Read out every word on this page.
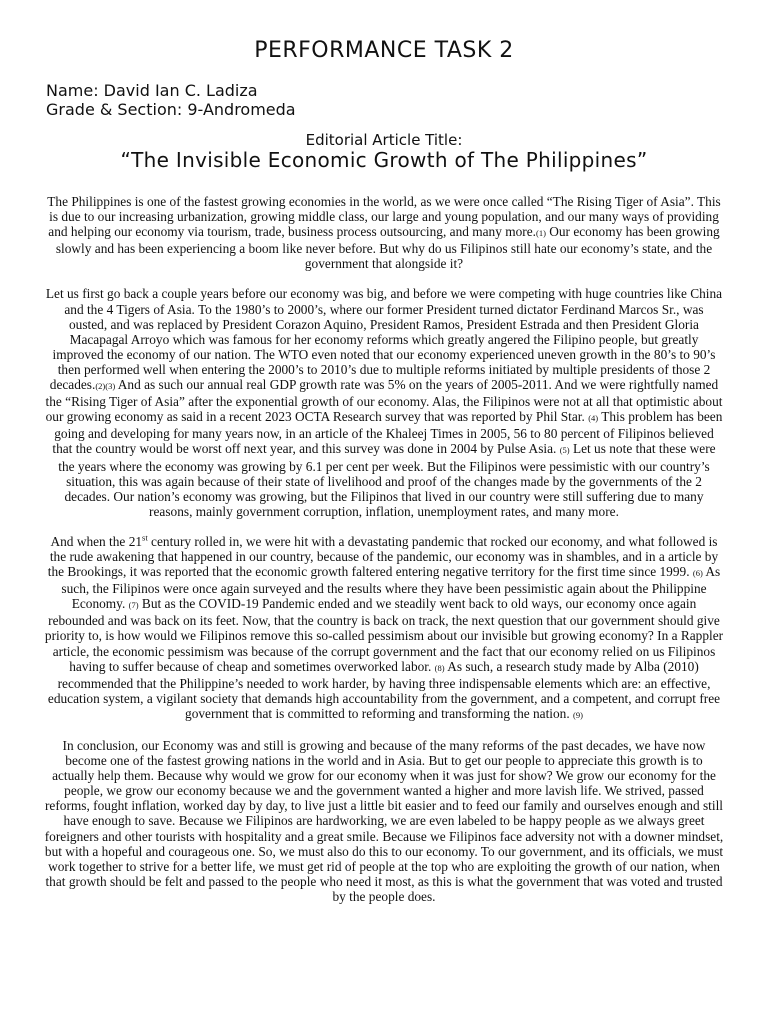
PERFORMANCE TASK 2
Name: David Ian C. Ladiza
Grade & Section: 9-Andromeda
Editorial Article Title:
“The Invisible Economic Growth of The Philippines”

The Philippines is one of the fastest growing economies in the world, as we were once called “The Rising Tiger of Asia”. This is due to our increasing urbanization, growing middle class, our large and young population, and our many ways of providing and helping our economy via tourism, trade, business process outsourcing, and many more.(1) Our economy has been growing slowly and has been experiencing a boom like never before. But why do us Filipinos still hate our economy’s state, and the government that alongside it?

Let us first go back a couple years before our economy was big, and before we were competing with huge countries like China and the 4 Tigers of Asia. To the 1980’s to 2000’s, where our former President turned dictator Ferdinand Marcos Sr., was ousted, and was replaced by President Corazon Aquino, President Ramos, President Estrada and then President Gloria Macapagal Arroyo which was famous for her economy reforms which greatly angered the Filipino people, but greatly improved the economy of our nation. The WTO even noted that our economy experienced uneven growth in the 80’s to 90’s then performed well when entering the 2000’s to 2010’s due to multiple reforms initiated by multiple presidents of those 2 decades.(2)(3) And as such our annual real GDP growth rate was 5% on the years of 2005-2011. And we were rightfully named the “Rising Tiger of Asia” after the exponential growth of our economy. Alas, the Filipinos were not at all that optimistic about our growing economy as said in a recent 2023 OCTA Research survey that was reported by Phil Star. (4) This problem has been going and developing for many years now, in an article of the Khaleej Times in 2005, 56 to 80 percent of Filipinos believed that the country would be worst off next year, and this survey was done in 2004 by Pulse Asia. (5) Let us note that these were the years where the economy was growing by 6.1 per cent per week. But the Filipinos were pessimistic with our country’s situation, this was again because of their state of livelihood and proof of the changes made by the governments of the 2 decades. Our nation’s economy was growing, but the Filipinos that lived in our country were still suffering due to many reasons, mainly government corruption, inflation, unemployment rates, and many more.

And when the 21st century rolled in, we were hit with a devastating pandemic that rocked our economy, and what followed is the rude awakening that happened in our country, because of the pandemic, our economy was in shambles, and in a article by the Brookings, it was reported that the economic growth faltered entering negative territory for the first time since 1999. (6) As such, the Filipinos were once again surveyed and the results where they have been pessimistic again about the Philippine Economy. (7) But as the COVID-19 Pandemic ended and we steadily went back to old ways, our economy once again rebounded and was back on its feet. Now, that the country is back on track, the next question that our government should give priority to, is how would we Filipinos remove this so-called pessimism about our invisible but growing economy? In a Rappler article, the economic pessimism was because of the corrupt government and the fact that our economy relied on us Filipinos having to suffer because of cheap and sometimes overworked labor. (8) As such, a research study made by Alba (2010) recommended that the Philippine’s needed to work harder, by having three indispensable elements which are: an effective, education system, a vigilant society that demands high accountability from the government, and a competent, and corrupt free government that is committed to reforming and transforming the nation. (9)

In conclusion, our Economy was and still is growing and because of the many reforms of the past decades, we have now become one of the fastest growing nations in the world and in Asia. But to get our people to appreciate this growth is to actually help them. Because why would we grow for our economy when it was just for show? We grow our economy for the people, we grow our economy because we and the government wanted a higher and more lavish life. We strived, passed reforms, fought inflation, worked day by day, to live just a little bit easier and to feed our family and ourselves enough and still have enough to save. Because we Filipinos are hardworking, we are even labeled to be happy people as we always greet foreigners and other tourists with hospitality and a great smile. Because we Filipinos face adversity not with a downer mindset, but with a hopeful and courageous one. So, we must also do this to our economy. To our government, and its officials, we must work together to strive for a better life, we must get rid of people at the top who are exploiting the growth of our nation, when that growth should be felt and passed to the people who need it most, as this is what the government that was voted and trusted by the people does.
